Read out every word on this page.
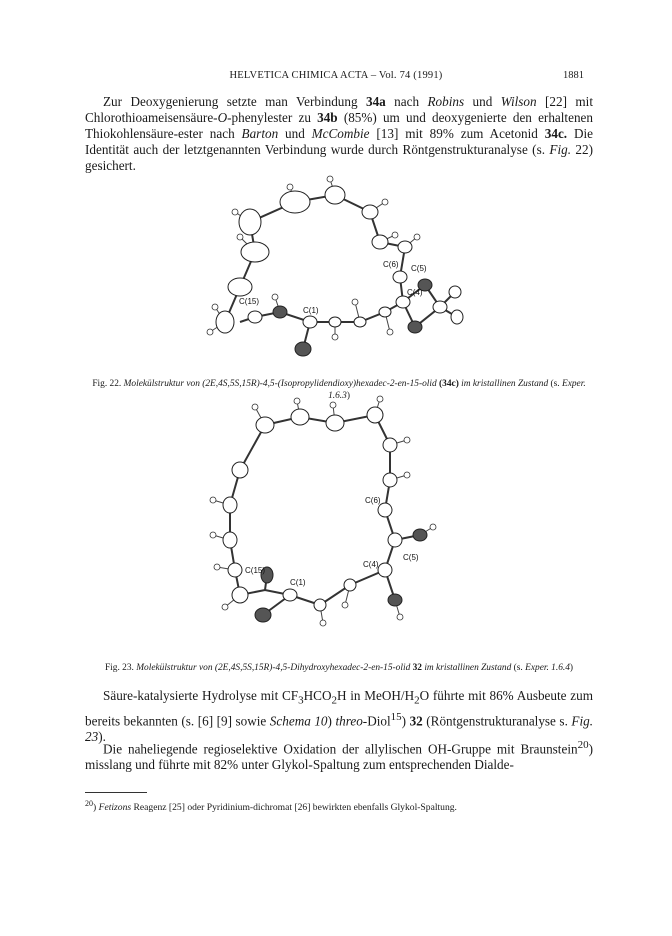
HELVETICA CHIMICA ACTA – Vol. 74 (1991)	1881

Zur Deoxygenierung setzte man Verbindung 34a nach Robins und Wilson [22] mit Chlorothioameisensäure-O-phenylester zu 34b (85%) um und deoxygenierte den erhaltenen Thiokohlensäure-ester nach Barton und McCombie [13] mit 89% zum Acetonid 34c. Die Identität auch der letztgenannten Verbindung wurde durch Röntgenstrukturanalyse (s. Fig. 22) gesichert.

C(6) C(5)
C(15)
C(1)
C(4)

Fig. 22. Molekülstruktur von (2E,4S,5S,15R)-4,5-(Isopropylidendioxy)hexadec-2-en-15-olid (34c) im kristallinen Zustand (s. Exper. 1.6.3)

C(6)
C(5)
C(15)
C(1)
C(4)

Fig. 23. Molekülstruktur von (2E,4S,5S,15R)-4,5-Dihydroxyhexadec-2-en-15-olid 32 im kristallinen Zustand (s. Exper. 1.6.4)

Säure-katalysierte Hydrolyse mit $CF_3HCO_2H$ in MeOH/$H_2O$ führte mit 86% Ausbeute zum bereits bekannten (s. [6] [9] sowie Schema 10) threo-Diol$^{15}$) 32 (Röntgenstrukturanalyse s. Fig. 23).

Die naheliegende regioselektive Oxidation der allylischen OH-Gruppe mit Braunstein$^{20}$) misslang und führte mit 82% unter Glykol-Spaltung zum entsprechenden Dialde-

$^{20}$) Fetizons Reagenz [25] oder Pyridinium-dichromat [26] bewirkten ebenfalls Glykol-Spaltung.
